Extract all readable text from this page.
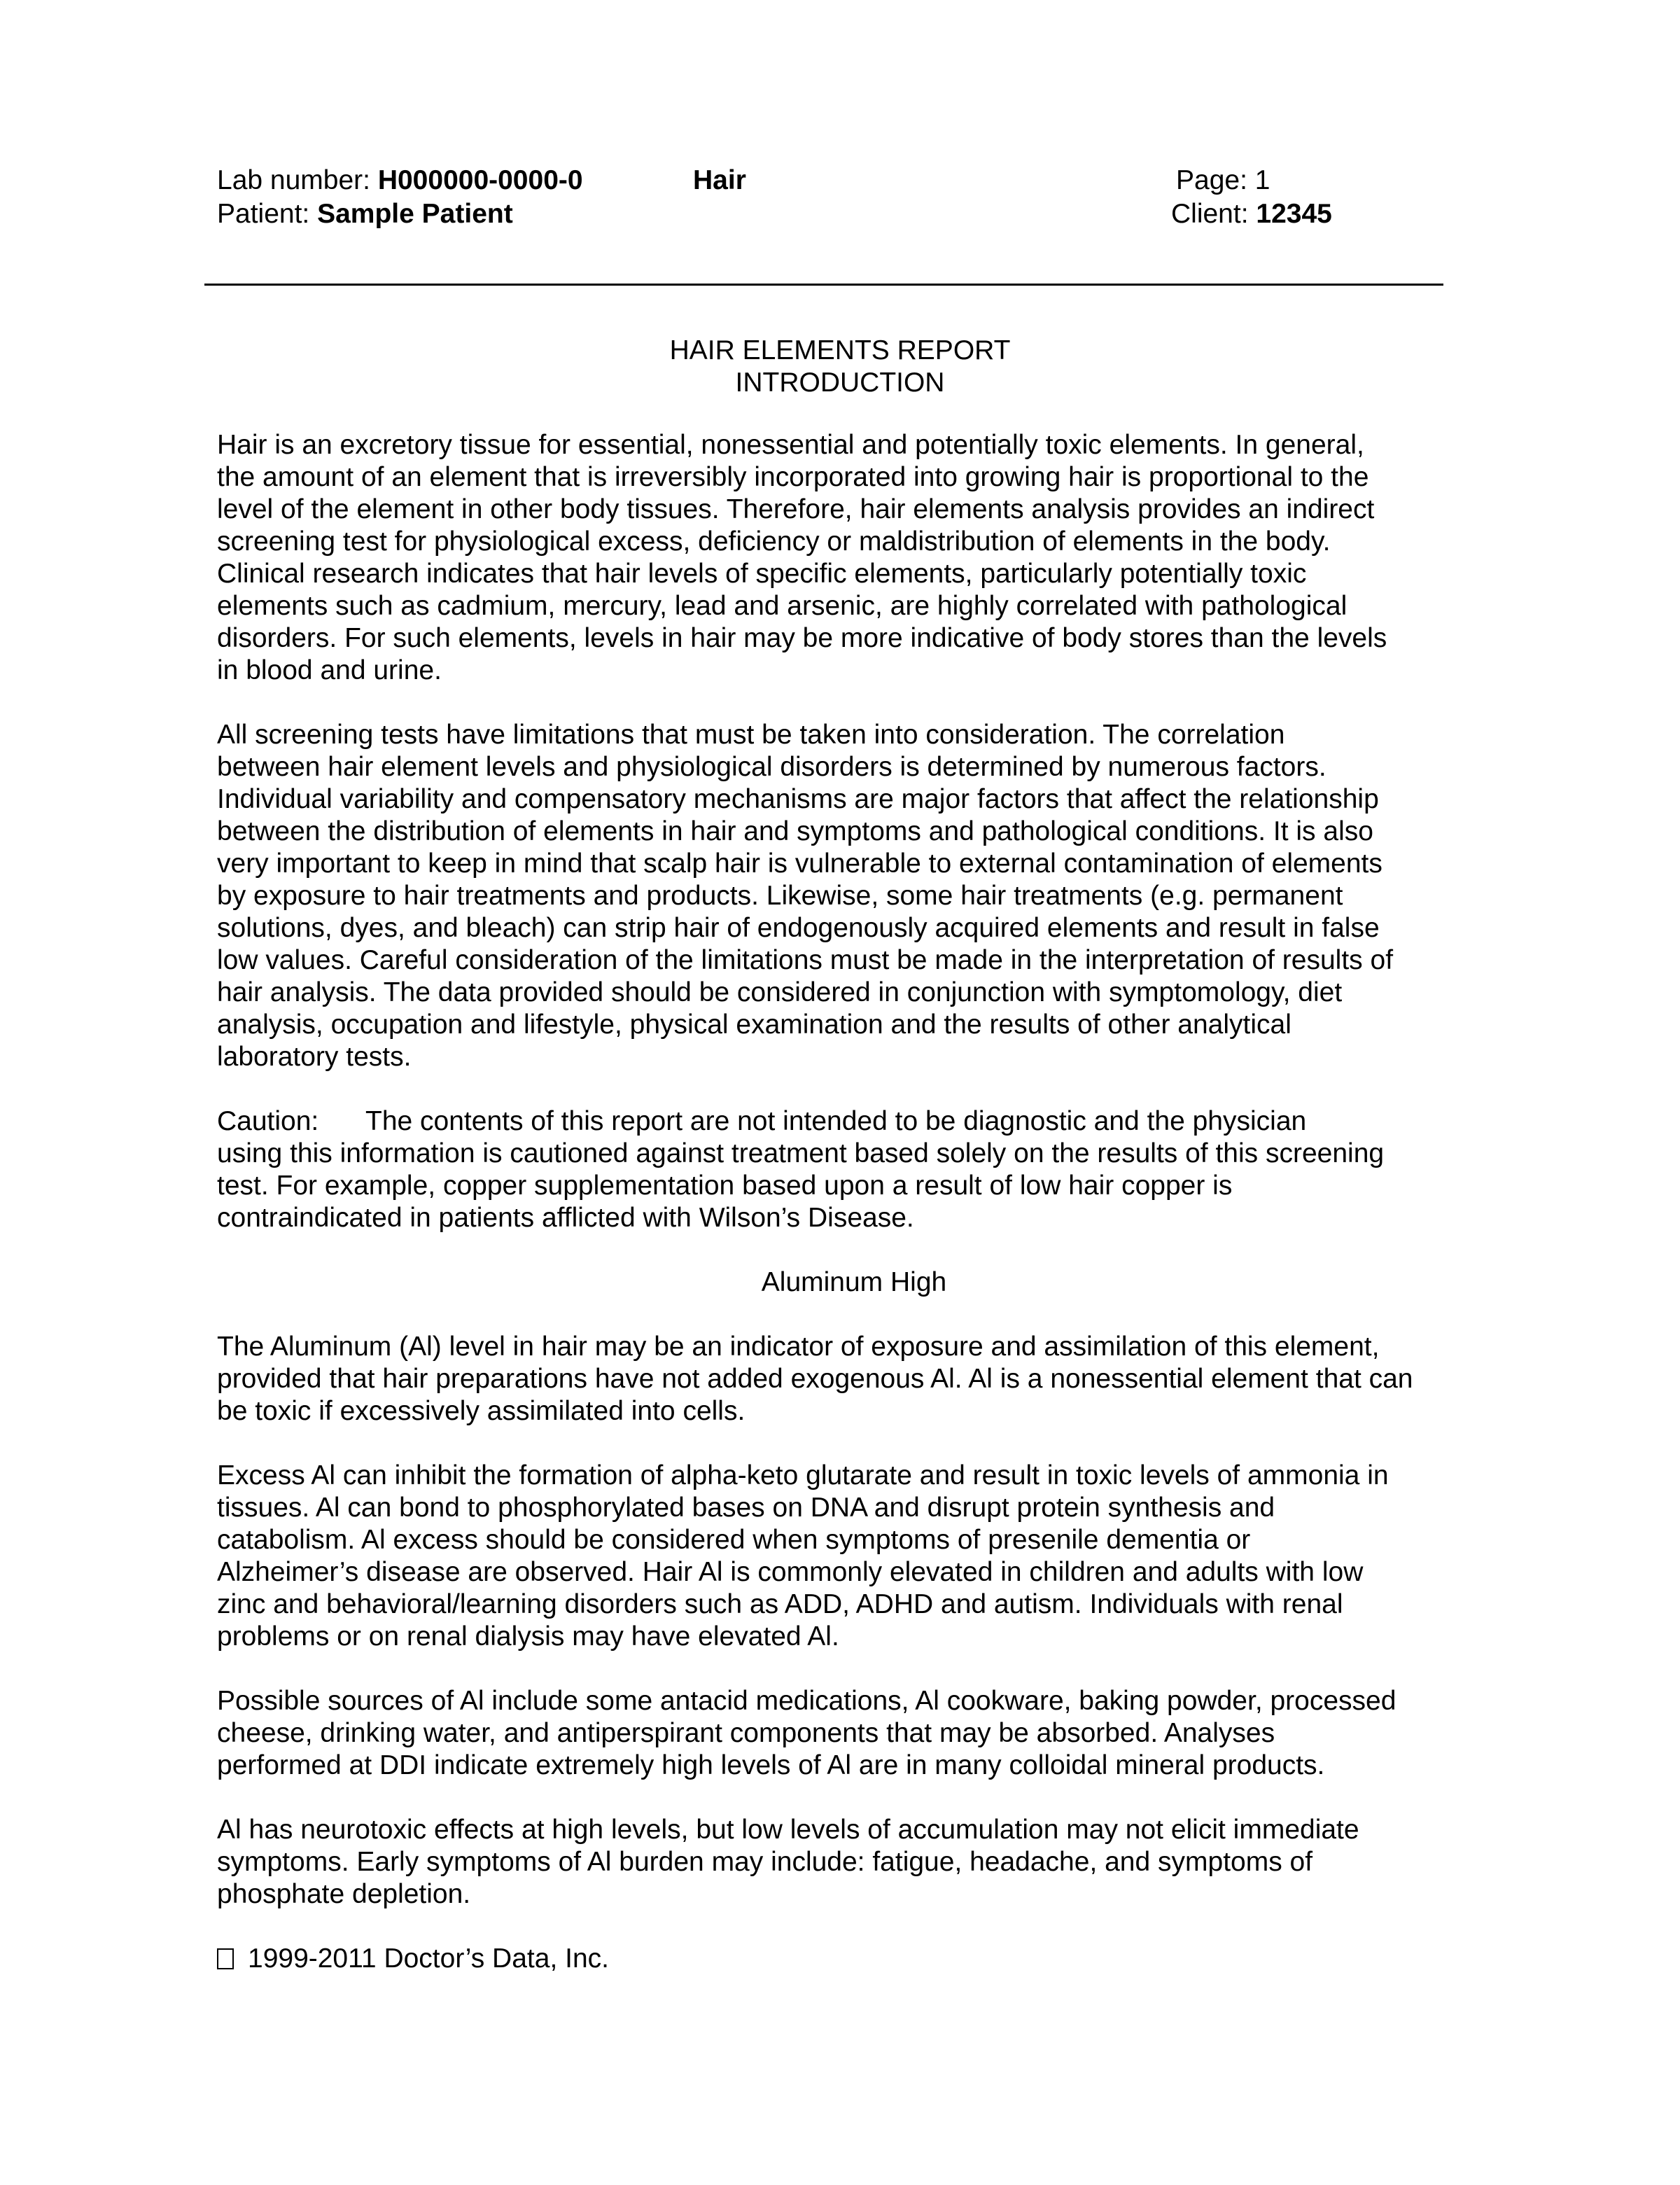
Lab number: H000000-0000-0	Hair	Page: 1
Patient: Sample Patient	Client: 12345
HAIR ELEMENTS REPORT
INTRODUCTION

Hair is an excretory tissue for essential, nonessential and potentially toxic elements. In general,
the amount of an element that is irreversibly incorporated into growing hair is proportional to the
level of the element in other body tissues. Therefore, hair elements analysis provides an indirect
screening test for physiological excess, deficiency or maldistribution of elements in the body.
Clinical research indicates that hair levels of specific elements, particularly potentially toxic
elements such as cadmium, mercury, lead and arsenic, are highly correlated with pathological
disorders. For such elements, levels in hair may be more indicative of body stores than the levels
in blood and urine.

All screening tests have limitations that must be taken into consideration. The correlation
between hair element levels and physiological disorders is determined by numerous factors.
Individual variability and compensatory mechanisms are major factors that affect the relationship
between the distribution of elements in hair and symptoms and pathological conditions. It is also
very important to keep in mind that scalp hair is vulnerable to external contamination of elements
by exposure to hair treatments and products. Likewise, some hair treatments (e.g. permanent
solutions, dyes, and bleach) can strip hair of endogenously acquired elements and result in false
low values. Careful consideration of the limitations must be made in the interpretation of results of
hair analysis. The data provided should be considered in conjunction with symptomology, diet
analysis, occupation and lifestyle, physical examination and the results of other analytical
laboratory tests.

Caution: The contents of this report are not intended to be diagnostic and the physician
using this information is cautioned against treatment based solely on the results of this screening
test. For example, copper supplementation based upon a result of low hair copper is
contraindicated in patients afflicted with Wilson’s Disease.

Aluminum High

The Aluminum (Al) level in hair may be an indicator of exposure and assimilation of this element,
provided that hair preparations have not added exogenous Al. Al is a nonessential element that can
be toxic if excessively assimilated into cells.

Excess Al can inhibit the formation of alpha-keto glutarate and result in toxic levels of ammonia in
tissues. Al can bond to phosphorylated bases on DNA and disrupt protein synthesis and
catabolism. Al excess should be considered when symptoms of presenile dementia or
Alzheimer’s disease are observed. Hair Al is commonly elevated in children and adults with low
zinc and behavioral/learning disorders such as ADD, ADHD and autism. Individuals with renal
problems or on renal dialysis may have elevated Al.

Possible sources of Al include some antacid medications, Al cookware, baking powder, processed
cheese, drinking water, and antiperspirant components that may be absorbed. Analyses
performed at DDI indicate extremely high levels of Al are in many colloidal mineral products.

Al has neurotoxic effects at high levels, but low levels of accumulation may not elicit immediate
symptoms. Early symptoms of Al burden may include: fatigue, headache, and symptoms of
phosphate depletion.

1999-2011 Doctor’s Data, Inc.
